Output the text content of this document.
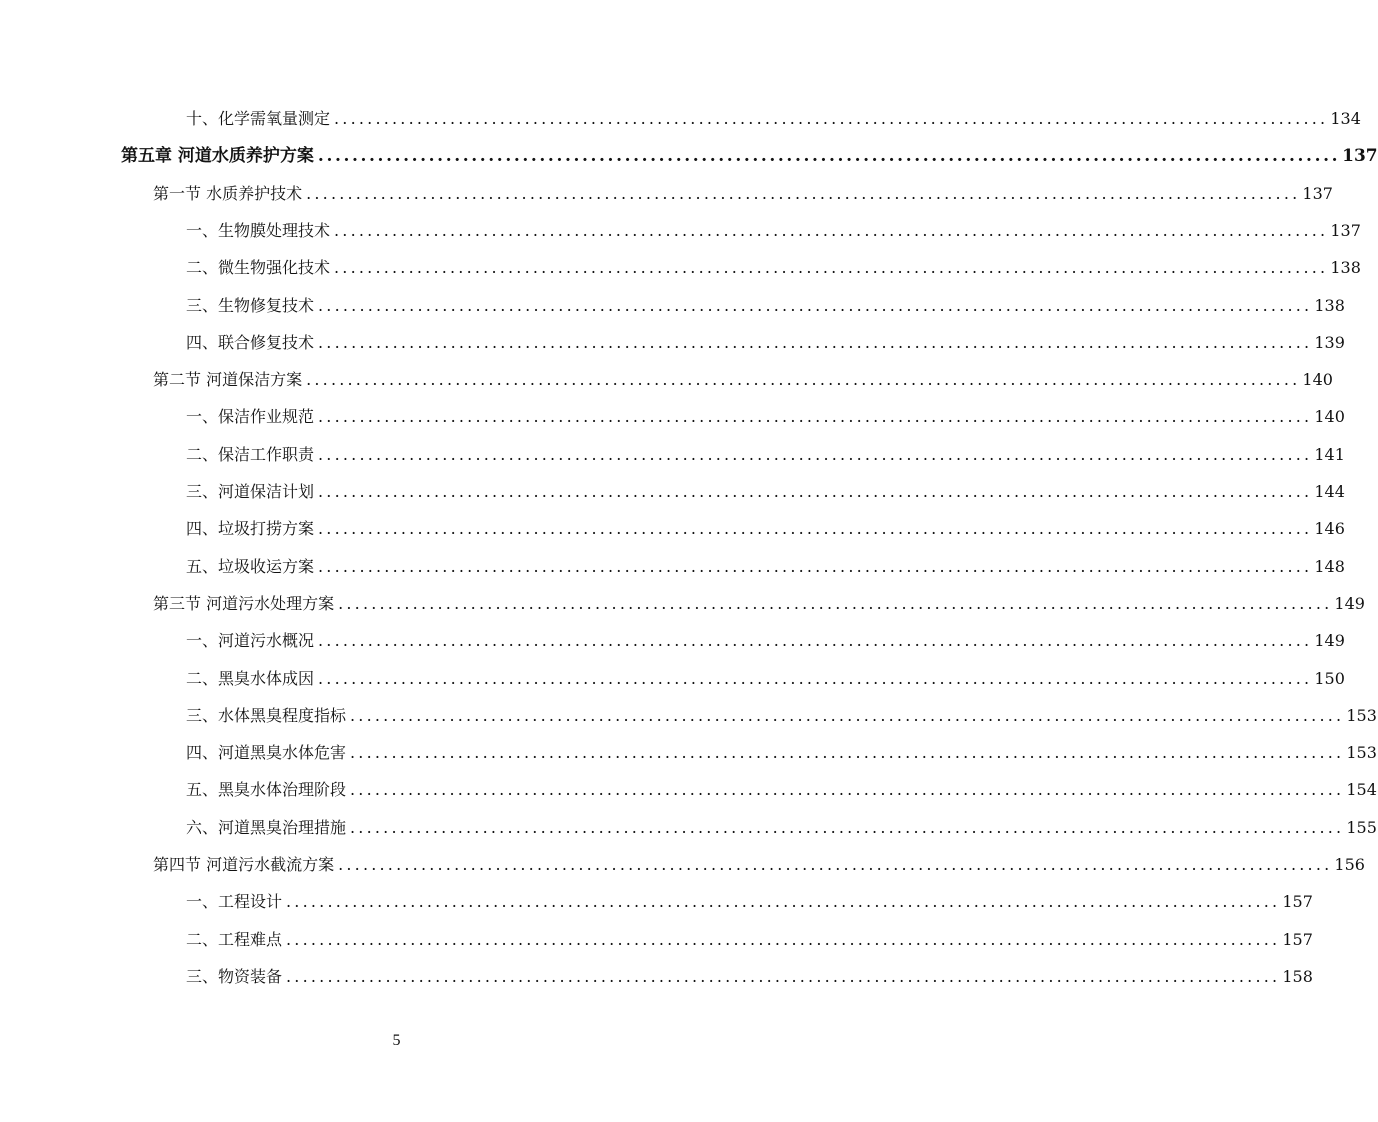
十、化学需氧量测定 ........................................................................................................................ 134
第五章 河道水质养护方案 ........................................................................................................................ 137
第一节 水质养护技术 ........................................................................................................................ 137
一、生物膜处理技术 ........................................................................................................................ 137
二、微生物强化技术 ........................................................................................................................ 138
三、生物修复技术 ........................................................................................................................ 138
四、联合修复技术 ........................................................................................................................ 139
第二节 河道保洁方案 ........................................................................................................................ 140
一、保洁作业规范 ........................................................................................................................ 140
二、保洁工作职责 ........................................................................................................................ 141
三、河道保洁计划 ........................................................................................................................ 144
四、垃圾打捞方案 ........................................................................................................................ 146
五、垃圾收运方案 ........................................................................................................................ 148
第三节 河道污水处理方案 ........................................................................................................................ 149
一、河道污水概况 ........................................................................................................................ 149
二、黑臭水体成因 ........................................................................................................................ 150
三、水体黑臭程度指标 ........................................................................................................................ 153
四、河道黑臭水体危害 ........................................................................................................................ 153
五、黑臭水体治理阶段 ........................................................................................................................ 154
六、河道黑臭治理措施 ........................................................................................................................ 155
第四节 河道污水截流方案 ........................................................................................................................ 156
一、工程设计 ........................................................................................................................ 157
二、工程难点 ........................................................................................................................ 157
三、物资装备 ........................................................................................................................ 158
5
